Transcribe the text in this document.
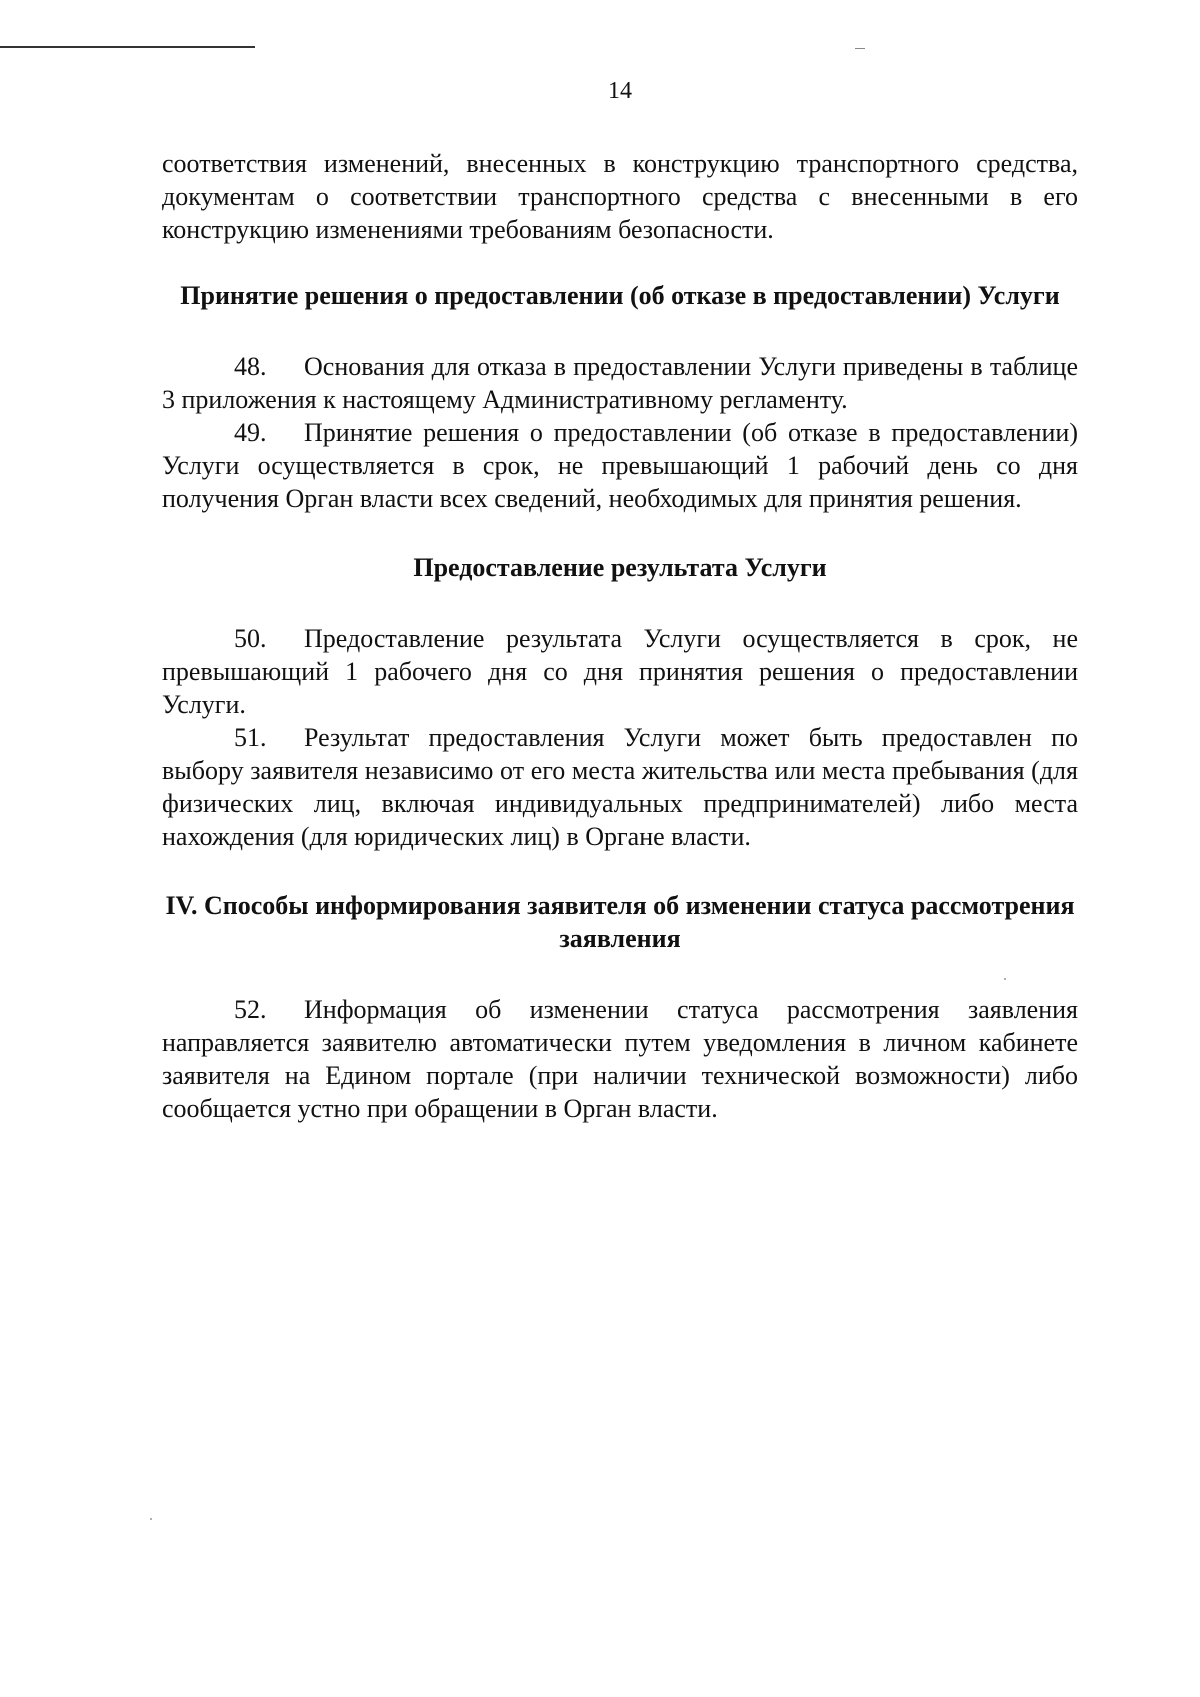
14

соответствия изменений, внесенных в конструкцию транспортного средства, документам о соответствии транспортного средства с внесенными в его конструкцию изменениями требованиям безопасности.

Принятие решения о предоставлении (об отказе в предоставлении) Услуги

48. Основания для отказа в предоставлении Услуги приведены в таблице 3 приложения к настоящему Административному регламенту.

49. Принятие решения о предоставлении (об отказе в предоставлении) Услуги осуществляется в срок, не превышающий 1 рабочий день со дня получения Орган власти всех сведений, необходимых для принятия решения.

Предоставление результата Услуги

50. Предоставление результата Услуги осуществляется в срок, не превышающий 1 рабочего дня со дня принятия решения о предоставлении Услуги.

51. Результат предоставления Услуги может быть предоставлен по выбору заявителя независимо от его места жительства или места пребывания (для физических лиц, включая индивидуальных предпринимателей) либо места нахождения (для юридических лиц) в Органе власти.

IV. Способы информирования заявителя об изменении статуса рассмотрения заявления

52. Информация об изменении статуса рассмотрения заявления направляется заявителю автоматически путем уведомления в личном кабинете заявителя на Едином портале (при наличии технической возможности) либо сообщается устно при обращении в Орган власти.
